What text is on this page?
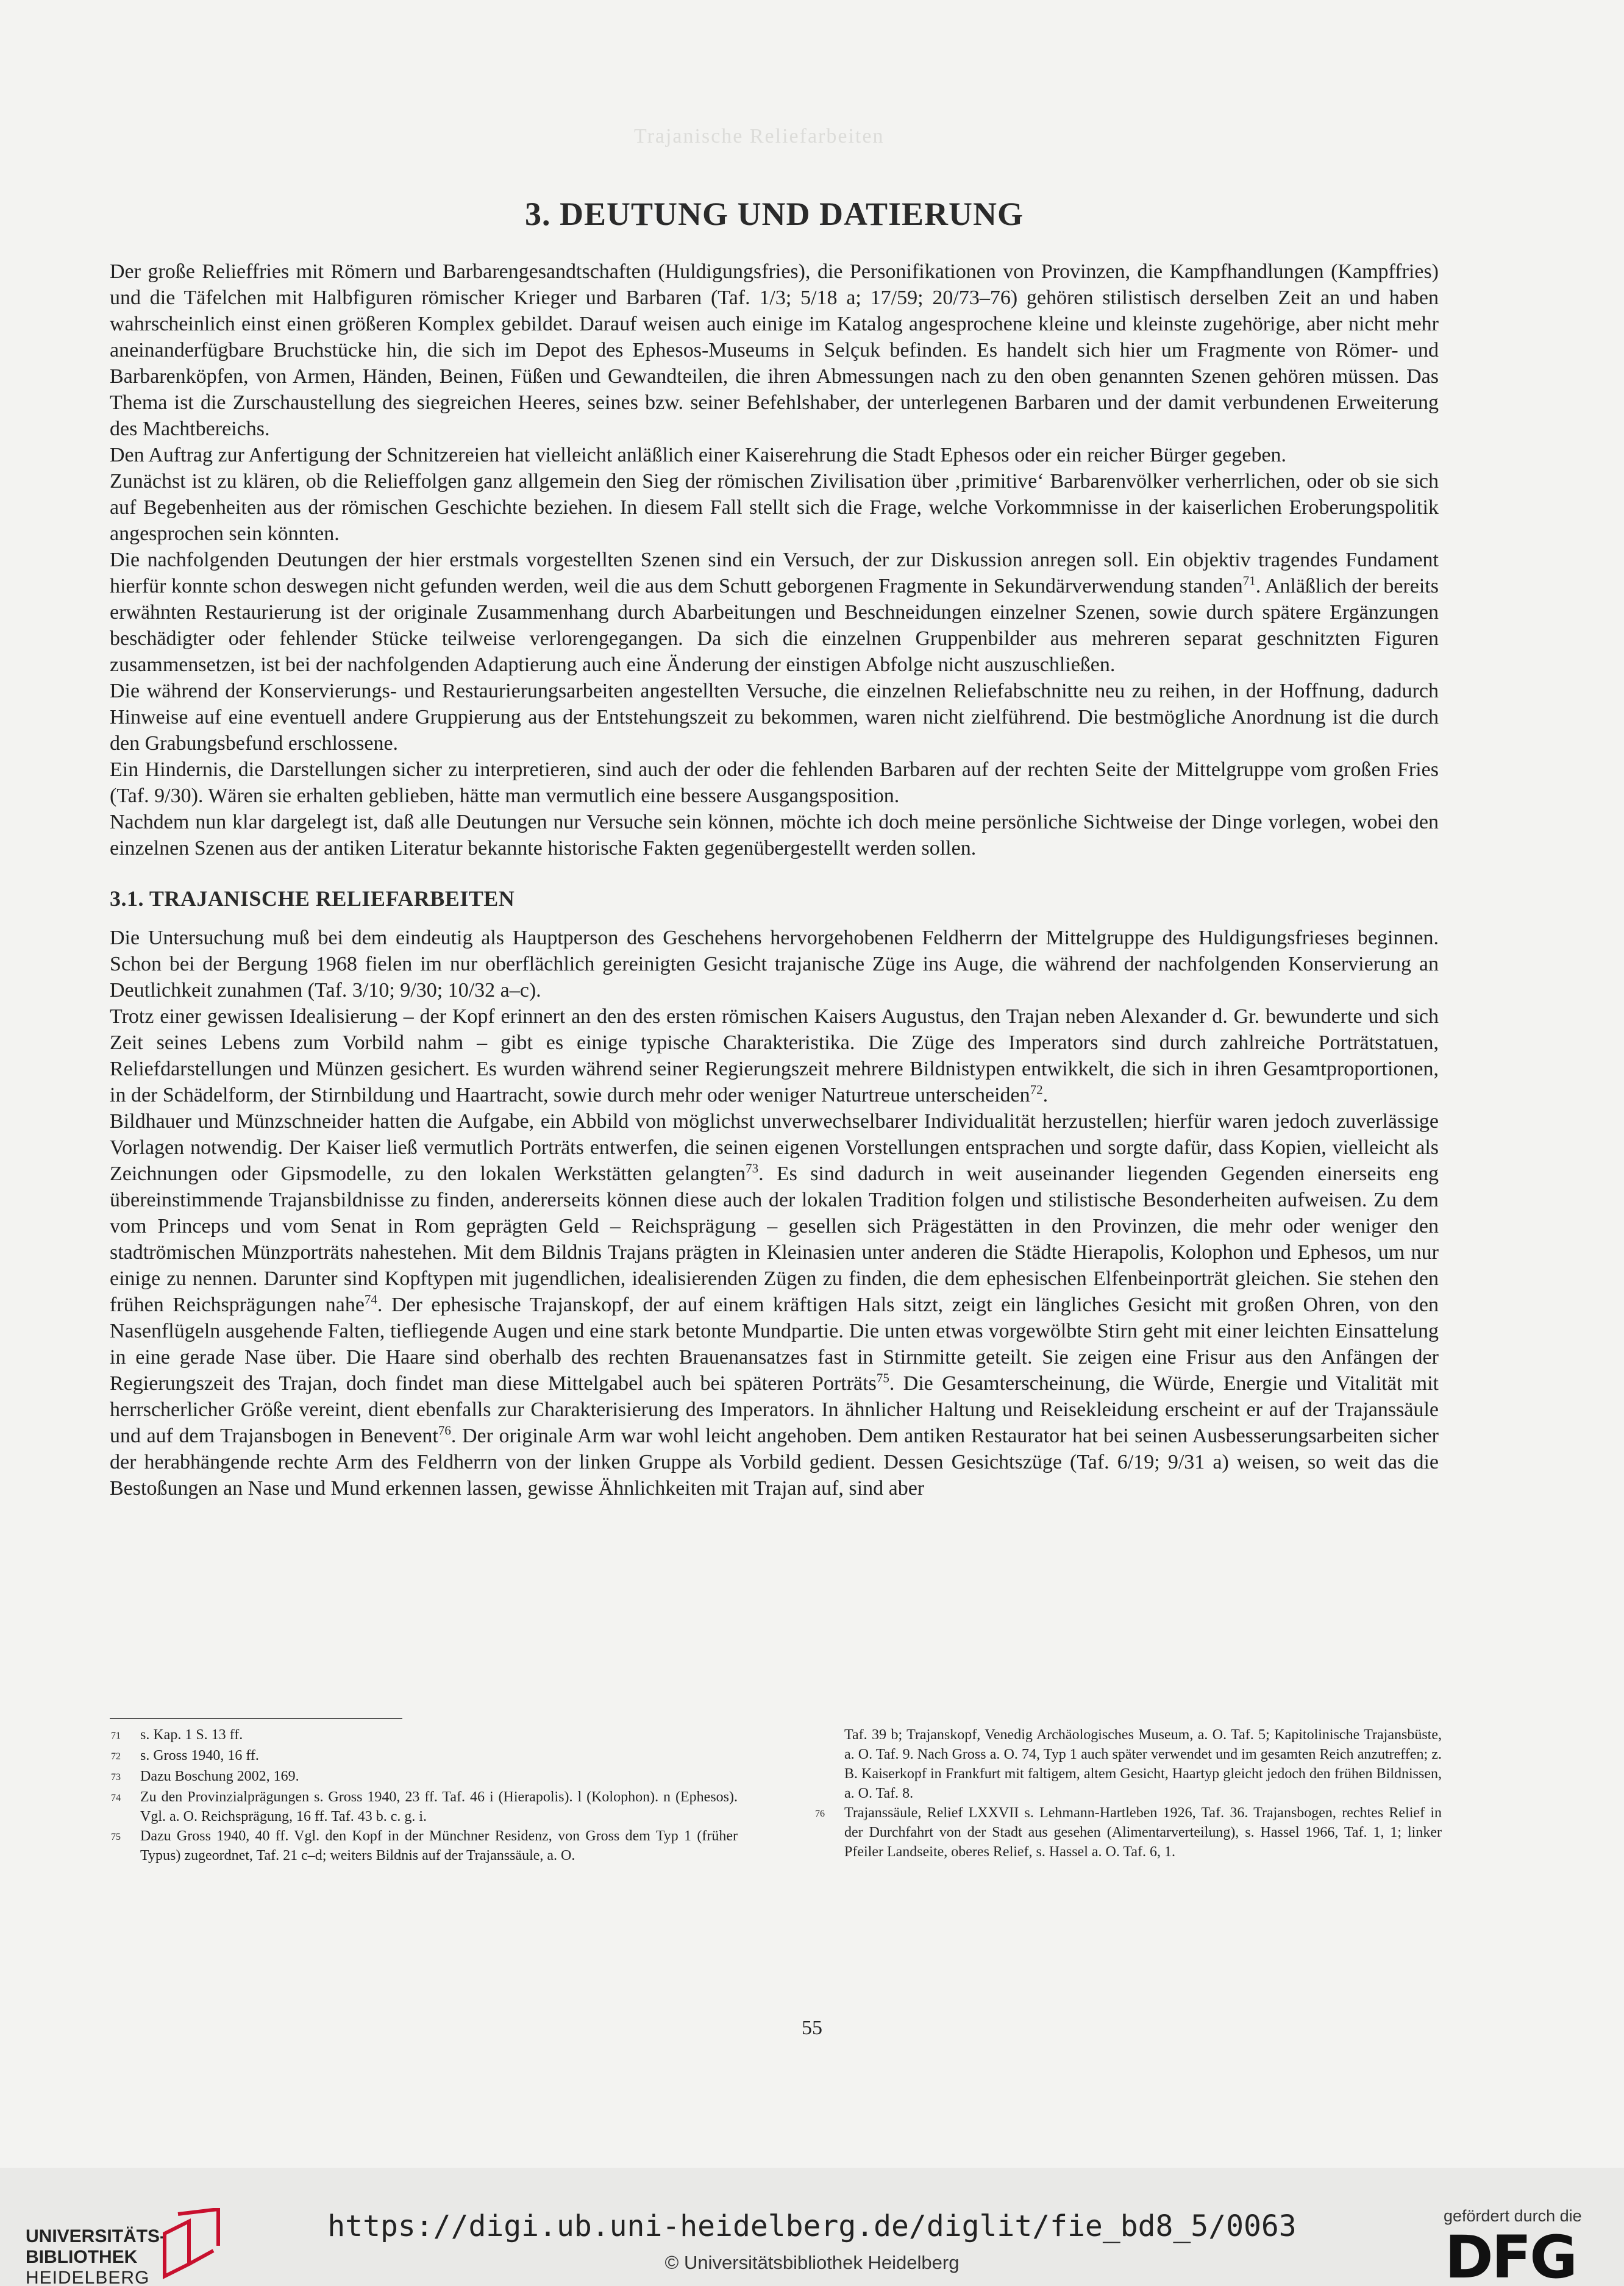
Trajanische Reliefarbeiten
3. DEUTUNG UND DATIERUNG
Der große Relieffries mit Römern und Barbarengesandtschaften (Huldigungsfries), die Personifikationen von Provinzen, die Kampfhandlungen (Kampffries) und die Täfelchen mit Halbfiguren römischer Krieger und Barbaren (Taf. 1/3; 5/18 a; 17/59; 20/73–76) gehören stilistisch derselben Zeit an und haben wahrscheinlich einst einen größeren Komplex gebildet. Darauf weisen auch einige im Katalog angesprochene kleine und kleinste zugehörige, aber nicht mehr aneinanderfügbare Bruchstücke hin, die sich im Depot des Ephesos-Museums in Selçuk befinden. Es handelt sich hier um Fragmente von Römer- und Barbarenköpfen, von Armen, Händen, Beinen, Füßen und Gewandteilen, die ihren Abmessungen nach zu den oben genannten Szenen gehören müssen. Das Thema ist die Zurschaustellung des siegreichen Heeres, seines bzw. seiner Befehlshaber, der unterlegenen Barbaren und der damit verbundenen Erweiterung des Machtbereichs.
Den Auftrag zur Anfertigung der Schnitzereien hat vielleicht anläßlich einer Kaiserehrung die Stadt Ephesos oder ein reicher Bürger gegeben.
Zunächst ist zu klären, ob die Relieffolgen ganz allgemein den Sieg der römischen Zivilisation über ‚primitive‘ Barbarenvölker verherrlichen, oder ob sie sich auf Begebenheiten aus der römischen Geschichte beziehen. In diesem Fall stellt sich die Frage, welche Vorkommnisse in der kaiserlichen Eroberungspolitik angesprochen sein könnten.
Die nachfolgenden Deutungen der hier erstmals vorgestellten Szenen sind ein Versuch, der zur Diskussion anregen soll. Ein objektiv tragendes Fundament hierfür konnte schon deswegen nicht gefunden werden, weil die aus dem Schutt geborgenen Fragmente in Sekundärverwendung standen$^{71}$. Anläßlich der bereits erwähnten Restaurierung ist der originale Zusammenhang durch Abarbeitungen und Beschneidungen einzelner Szenen, sowie durch spätere Ergänzungen beschädigter oder fehlender Stücke teilweise verlorengegangen. Da sich die einzelnen Gruppenbilder aus mehreren separat geschnitzten Figuren zusammensetzen, ist bei der nachfolgenden Adaptierung auch eine Änderung der einstigen Abfolge nicht auszuschließen.
Die während der Konservierungs- und Restaurierungsarbeiten angestellten Versuche, die einzelnen Reliefabschnitte neu zu reihen, in der Hoffnung, dadurch Hinweise auf eine eventuell andere Gruppierung aus der Entstehungszeit zu bekommen, waren nicht zielführend. Die bestmögliche Anordnung ist die durch den Grabungsbefund erschlossene.
Ein Hindernis, die Darstellungen sicher zu interpretieren, sind auch der oder die fehlenden Barbaren auf der rechten Seite der Mittelgruppe vom großen Fries (Taf. 9/30). Wären sie erhalten geblieben, hätte man vermutlich eine bessere Ausgangsposition.
Nachdem nun klar dargelegt ist, daß alle Deutungen nur Versuche sein können, möchte ich doch meine persönliche Sichtweise der Dinge vorlegen, wobei den einzelnen Szenen aus der antiken Literatur bekannte historische Fakten gegenübergestellt werden sollen.
3.1. TRAJANISCHE RELIEFARBEITEN
Die Untersuchung muß bei dem eindeutig als Hauptperson des Geschehens hervorgehobenen Feldherrn der Mittelgruppe des Huldigungsfrieses beginnen. Schon bei der Bergung 1968 fielen im nur oberflächlich gereinigten Gesicht trajanische Züge ins Auge, die während der nachfolgenden Konservierung an Deutlichkeit zunahmen (Taf. 3/10; 9/30; 10/32 a–c).
Trotz einer gewissen Idealisierung – der Kopf erinnert an den des ersten römischen Kaisers Augustus, den Trajan neben Alexander d. Gr. bewunderte und sich Zeit seines Lebens zum Vorbild nahm – gibt es einige typische Charakteristika. Die Züge des Imperators sind durch zahlreiche Porträtstatuen, Reliefdarstellungen und Münzen gesichert. Es wurden während seiner Regierungszeit mehrere Bildnistypen entwikkelt, die sich in ihren Gesamtproportionen, in der Schädelform, der Stirnbildung und Haartracht, sowie durch mehr oder weniger Naturtreue unterscheiden$^{72}$.
Bildhauer und Münzschneider hatten die Aufgabe, ein Abbild von möglichst unverwechselbarer Individualität herzustellen; hierfür waren jedoch zuverlässige Vorlagen notwendig. Der Kaiser ließ vermutlich Porträts entwerfen, die seinen eigenen Vorstellungen entsprachen und sorgte dafür, dass Kopien, vielleicht als Zeichnungen oder Gipsmodelle, zu den lokalen Werkstätten gelangten$^{73}$. Es sind dadurch in weit auseinander liegenden Gegenden einerseits eng übereinstimmende Trajansbildnisse zu finden, andererseits können diese auch der lokalen Tradition folgen und stilistische Besonderheiten aufweisen. Zu dem vom Princeps und vom Senat in Rom geprägten Geld – Reichsprägung – gesellen sich Prägestätten in den Provinzen, die mehr oder weniger den stadtrömischen Münzporträts nahestehen. Mit dem Bildnis Trajans prägten in Kleinasien unter anderen die Städte Hierapolis, Kolophon und Ephesos, um nur einige zu nennen. Darunter sind Kopftypen mit jugendlichen, idealisierenden Zügen zu finden, die dem ephesischen Elfenbeinporträt gleichen. Sie stehen den frühen Reichsprägungen nahe$^{74}$. Der ephesische Trajanskopf, der auf einem kräftigen Hals sitzt, zeigt ein längliches Gesicht mit großen Ohren, von den Nasenflügeln ausgehende Falten, tiefliegende Augen und eine stark betonte Mundpartie. Die unten etwas vorgewölbte Stirn geht mit einer leichten Einsattelung in eine gerade Nase über. Die Haare sind oberhalb des rechten Brauenansatzes fast in Stirnmitte geteilt. Sie zeigen eine Frisur aus den Anfängen der Regierungszeit des Trajan, doch findet man diese Mittelgabel auch bei späteren Porträts$^{75}$. Die Gesamterscheinung, die Würde, Energie und Vitalität mit herrscherlicher Größe vereint, dient ebenfalls zur Charakterisierung des Imperators. In ähnlicher Haltung und Reisekleidung erscheint er auf der Trajanssäule und auf dem Trajansbogen in Benevent$^{76}$. Der originale Arm war wohl leicht angehoben. Dem antiken Restaurator hat bei seinen Ausbesserungsarbeiten sicher der herabhängende rechte Arm des Feldherrn von der linken Gruppe als Vorbild gedient. Dessen Gesichtszüge (Taf. 6/19; 9/31 a) weisen, so weit das die Bestoßungen an Nase und Mund erkennen lassen, gewisse Ähnlichkeiten mit Trajan auf, sind aber
71	s. Kap. 1 S. 13 ff.
72	s. Gross 1940, 16 ff.
73	Dazu Boschung 2002, 169.
74	Zu den Provinzialprägungen s. Gross 1940, 23 ff. Taf. 46 i (Hierapolis). l (Kolophon). n (Ephesos). Vgl. a. O. Reichsprägung, 16 ff. Taf. 43 b. c. g. i.
75	Dazu Gross 1940, 40 ff. Vgl. den Kopf in der Münchner Residenz, von Gross dem Typ 1 (früher Typus) zugeordnet, Taf. 21 c–d; weiters Bildnis auf der Trajanssäule, a. O.
Taf. 39 b; Trajanskopf, Venedig Archäologisches Museum, a. O. Taf. 5; Kapitolinische Trajansbüste, a. O. Taf. 9. Nach Gross a. O. 74, Typ 1 auch später verwendet und im gesamten Reich anzutreffen; z. B. Kaiserkopf in Frankfurt mit faltigem, altem Gesicht, Haartyp gleicht jedoch den frühen Bildnissen, a. O. Taf. 8.
76	Trajanssäule, Relief LXXVII s. Lehmann-Hartleben 1926, Taf. 36. Trajansbogen, rechtes Relief in der Durchfahrt von der Stadt aus gesehen (Alimentarverteilung), s. Hassel 1966, Taf. 1, 1; linker Pfeiler Landseite, oberes Relief, s. Hassel a. O. Taf. 6, 1.
55
UNIVERSITÄTS-
BIBLIOTHEK
HEIDELBERG
https://digi.ub.uni-heidelberg.de/diglit/fie_bd8_5/0063
© Universitätsbibliothek Heidelberg
gefördert durch die
DFG
